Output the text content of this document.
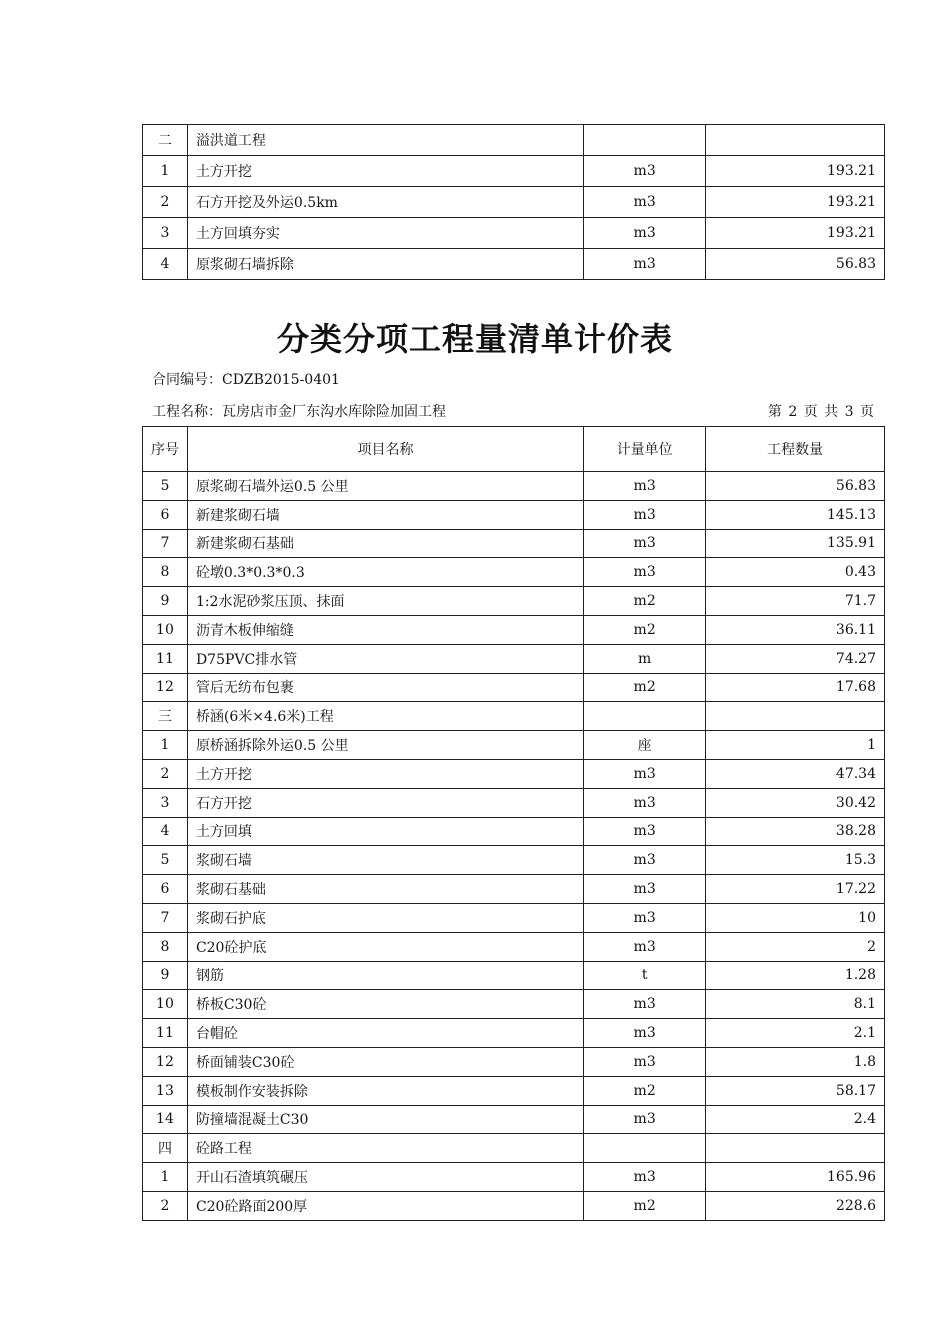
二	溢洪道工程		
1	土方开挖	m3	193.21
2	石方开挖及外运0.5km	m3	193.21
3	土方回填夯实	m3	193.21
4	原浆砌石墙拆除	m3	56.83
分类分项工程量清单计价表
合同编号：CDZB2015-0401
工程名称：瓦房店市金厂东沟水库除险加固工程	第 2 页 共 3 页
序号	项目名称	计量单位	工程数量
5	原浆砌石墙外运0.5 公里	m3	56.83
6	新建浆砌石墙	m3	145.13
7	新建浆砌石基础	m3	135.91
8	砼墩0.3*0.3*0.3	m3	0.43
9	1:2水泥砂浆压顶、抹面	m2	71.7
10	沥青木板伸缩缝	m2	36.11
11	D75PVC排水管	m	74.27
12	管后无纺布包裹	m2	17.68
三	桥涵(6米×4.6米)工程		
1	原桥涵拆除外运0.5 公里	座	1
2	土方开挖	m3	47.34
3	石方开挖	m3	30.42
4	土方回填	m3	38.28
5	浆砌石墙	m3	15.3
6	浆砌石基础	m3	17.22
7	浆砌石护底	m3	10
8	C20砼护底	m3	2
9	钢筋	t	1.28
10	桥板C30砼	m3	8.1
11	台帽砼	m3	2.1
12	桥面铺装C30砼	m3	1.8
13	模板制作安装拆除	m2	58.17
14	防撞墙混凝土C30	m3	2.4
四	砼路工程		
1	开山石渣填筑碾压	m3	165.96
2	C20砼路面200厚	m2	228.6
